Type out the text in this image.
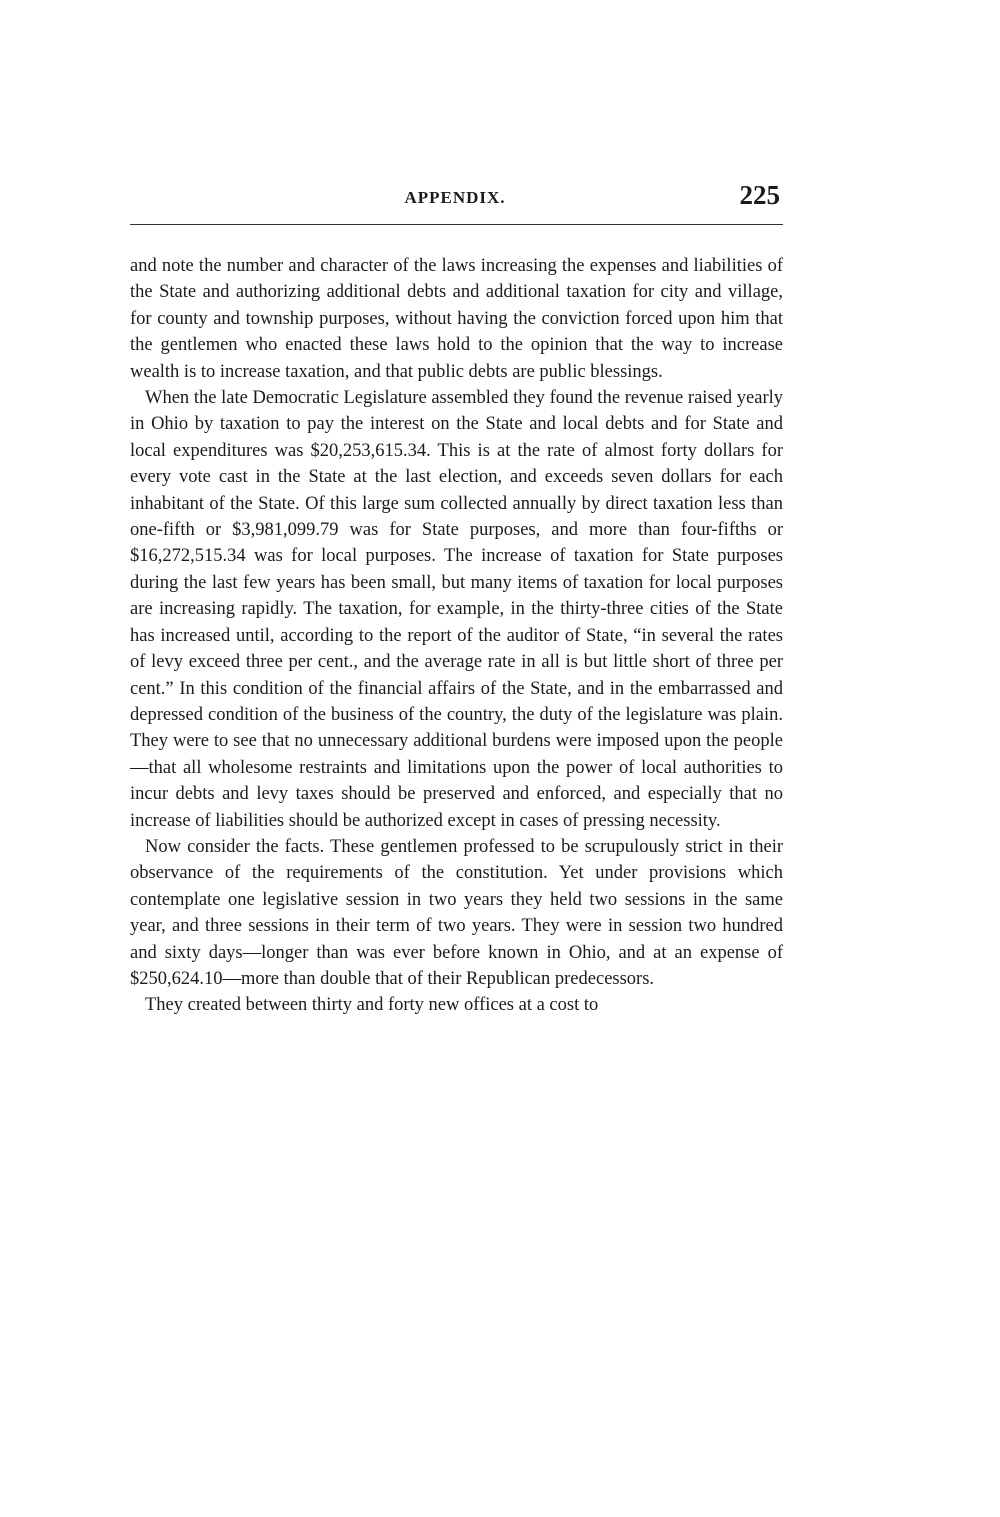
APPENDIX.	225

and note the number and character of the laws increasing the expenses and liabilities of the State and authorizing additional debts and additional taxation for city and village, for county and township purposes, without having the conviction forced upon him that the gentlemen who enacted these laws hold to the opinion that the way to increase wealth is to increase taxation, and that public debts are public blessings.

When the late Democratic Legislature assembled they found the revenue raised yearly in Ohio by taxation to pay the interest on the State and local debts and for State and local expenditures was $20,253,615.34. This is at the rate of almost forty dollars for every vote cast in the State at the last election, and exceeds seven dollars for each inhabitant of the State. Of this large sum collected annually by direct taxation less than one-fifth or $3,981,099.79 was for State purposes, and more than four-fifths or $16,272,515.34 was for local purposes. The increase of taxation for State purposes during the last few years has been small, but many items of taxation for local purposes are increasing rapidly. The taxation, for example, in the thirty-three cities of the State has increased until, according to the report of the auditor of State, “in several the rates of levy exceed three per cent., and the average rate in all is but little short of three per cent.” In this condition of the financial affairs of the State, and in the embarrassed and depressed condition of the business of the country, the duty of the legislature was plain. They were to see that no unnecessary additional burdens were imposed upon the people—that all wholesome restraints and limitations upon the power of local authorities to incur debts and levy taxes should be preserved and enforced, and especially that no increase of liabilities should be authorized except in cases of pressing necessity.

Now consider the facts. These gentlemen professed to be scrupulously strict in their observance of the requirements of the constitution. Yet under provisions which contemplate one legislative session in two years they held two sessions in the same year, and three sessions in their term of two years. They were in session two hundred and sixty days—longer than was ever before known in Ohio, and at an expense of $250,624.10—more than double that of their Republican predecessors.

They created between thirty and forty new offices at a cost to
